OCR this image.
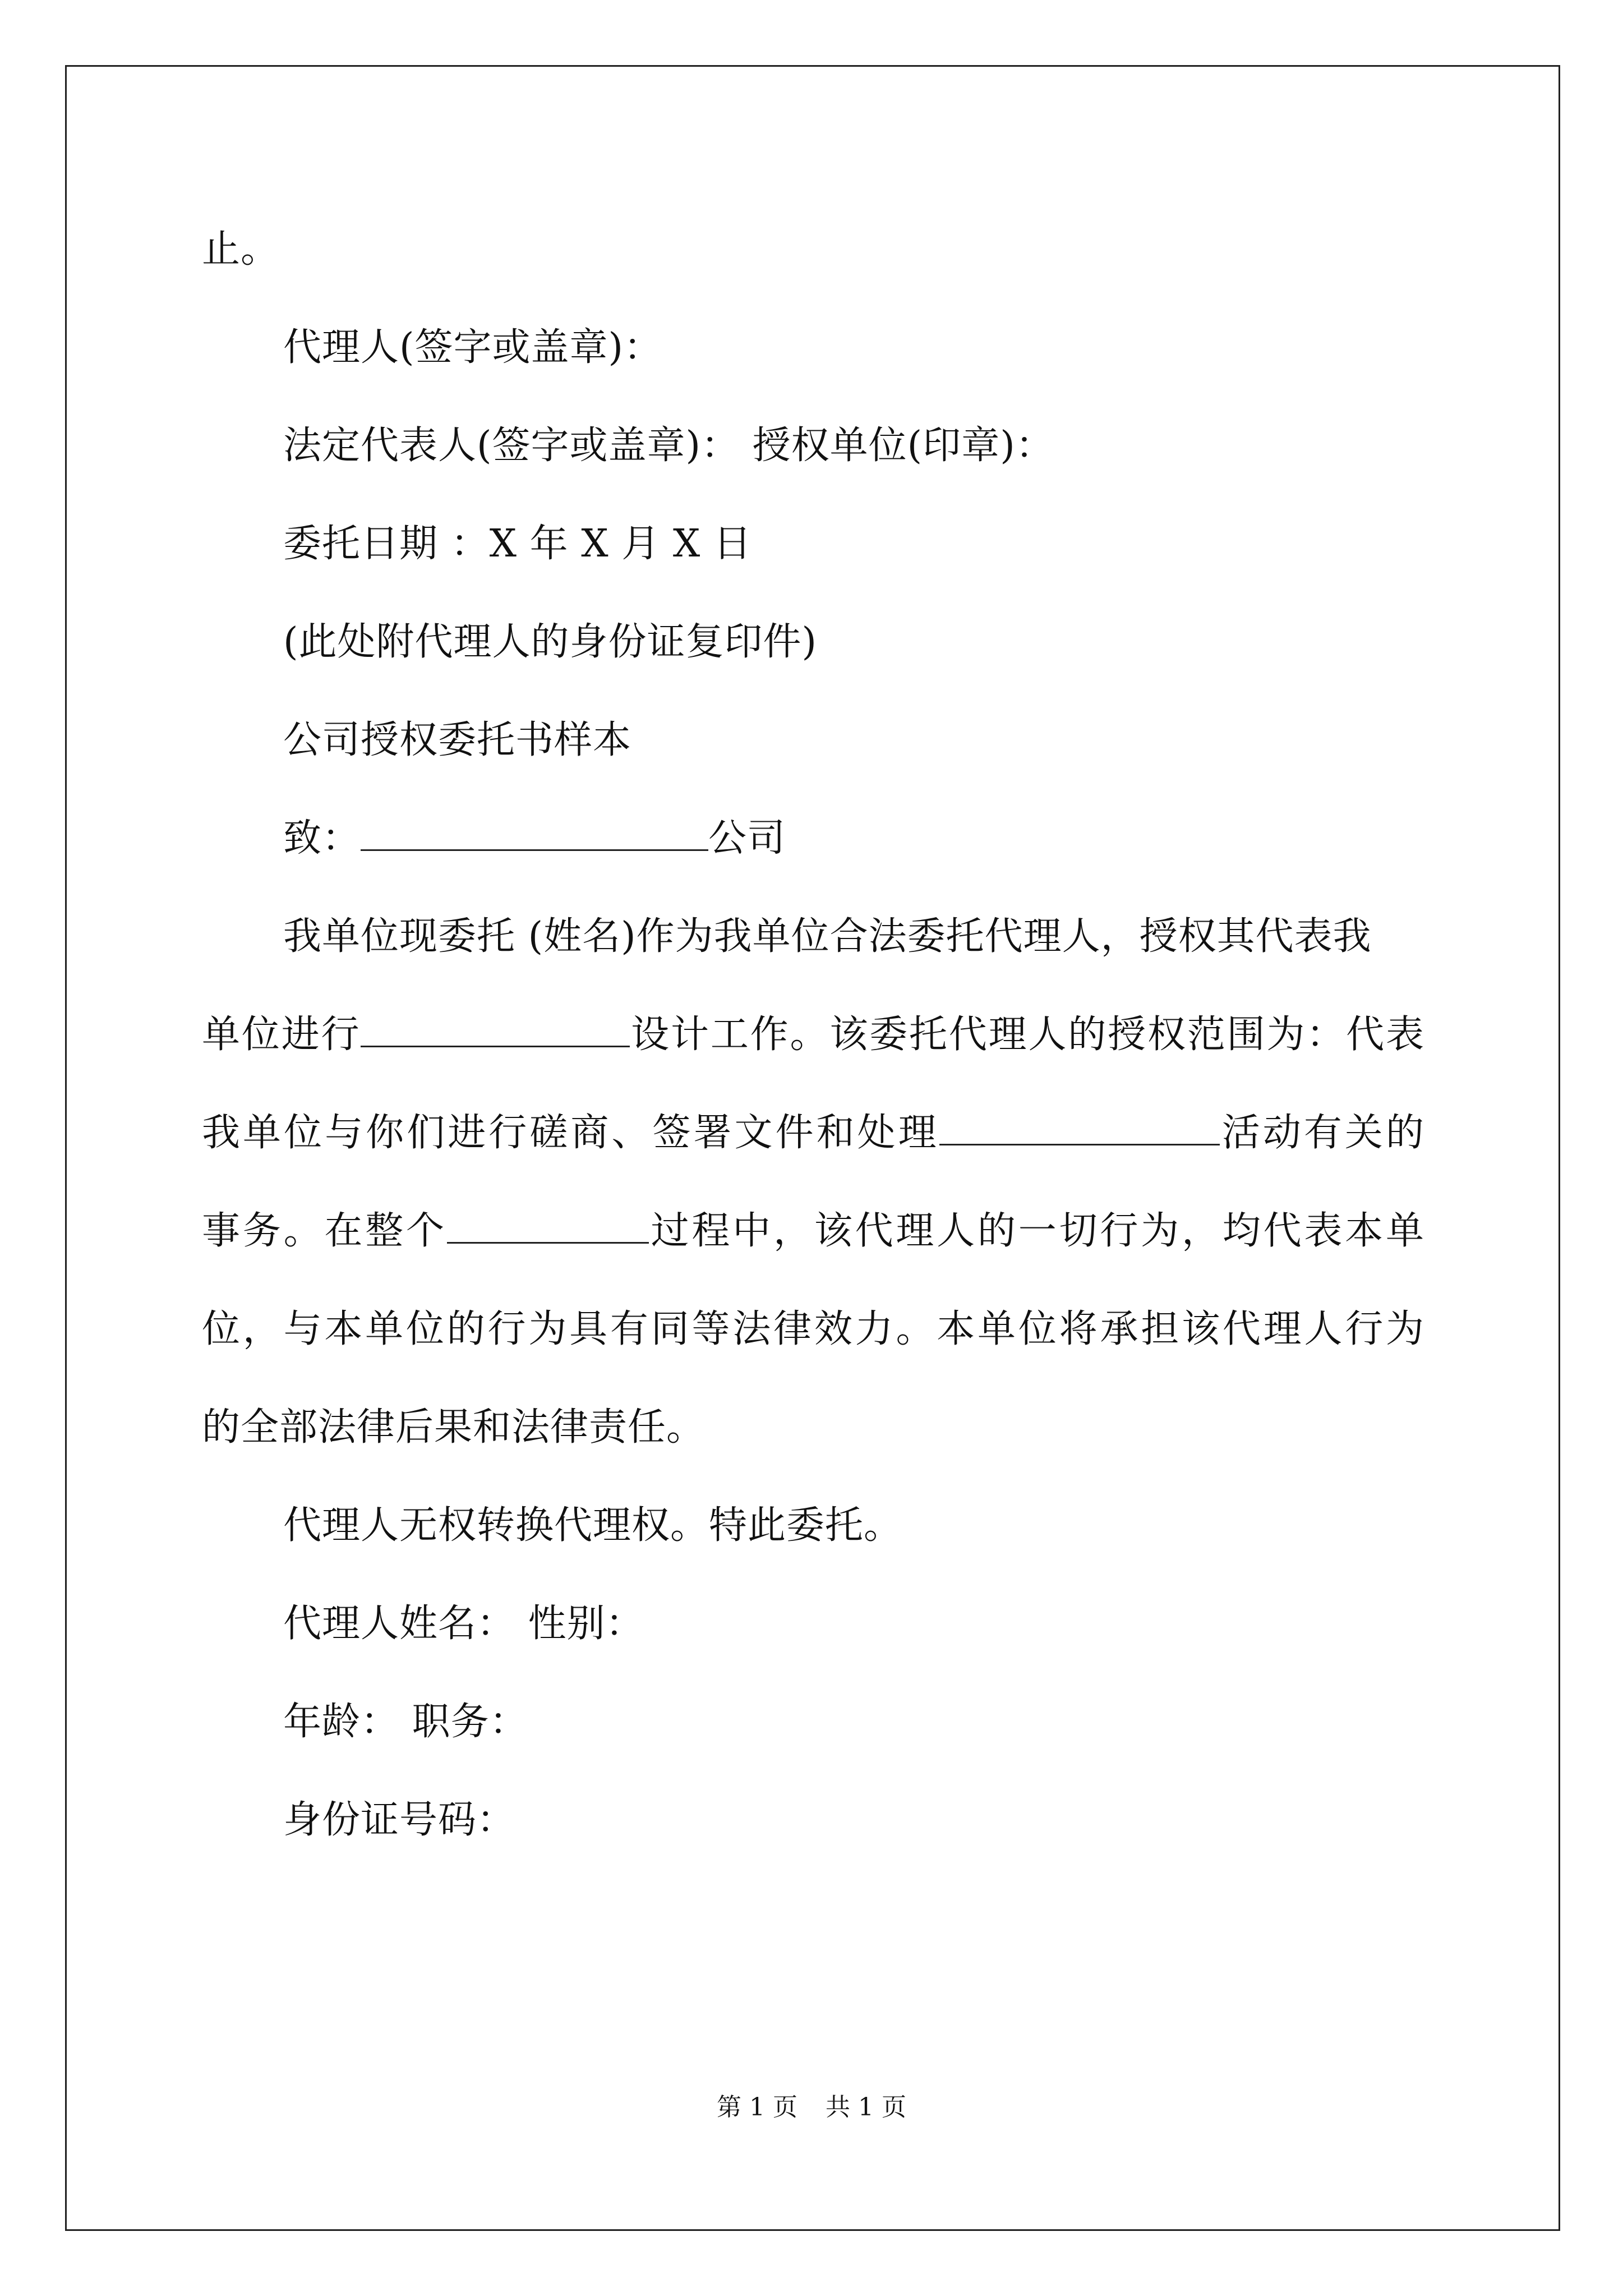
止。
代理人(签字或盖章)：
法定代表人(签字或盖章)： 授权单位(印章)：
委托日期 ：X 年 X 月 X 日
(此处附代理人的身份证复印件)
公司授权委托书样本
致：	公司
我单位现委托 (姓名)作为我单位合法委托代理人，授权其代表我
单位进行	设计工作。该委托代理人的授权范围为：代表
我单位与你们进行磋商、签署文件和处理	活动有关的
事务。在整个	过程中，该代理人的一切行为，均代表本单
位，与本单位的行为具有同等法律效力。本单位将承担该代理人行为
的全部法律后果和法律责任。
代理人无权转换代理权。特此委托。
代理人姓名： 性别：
年龄： 职务：
身份证号码：
第 1 页 共 1 页
